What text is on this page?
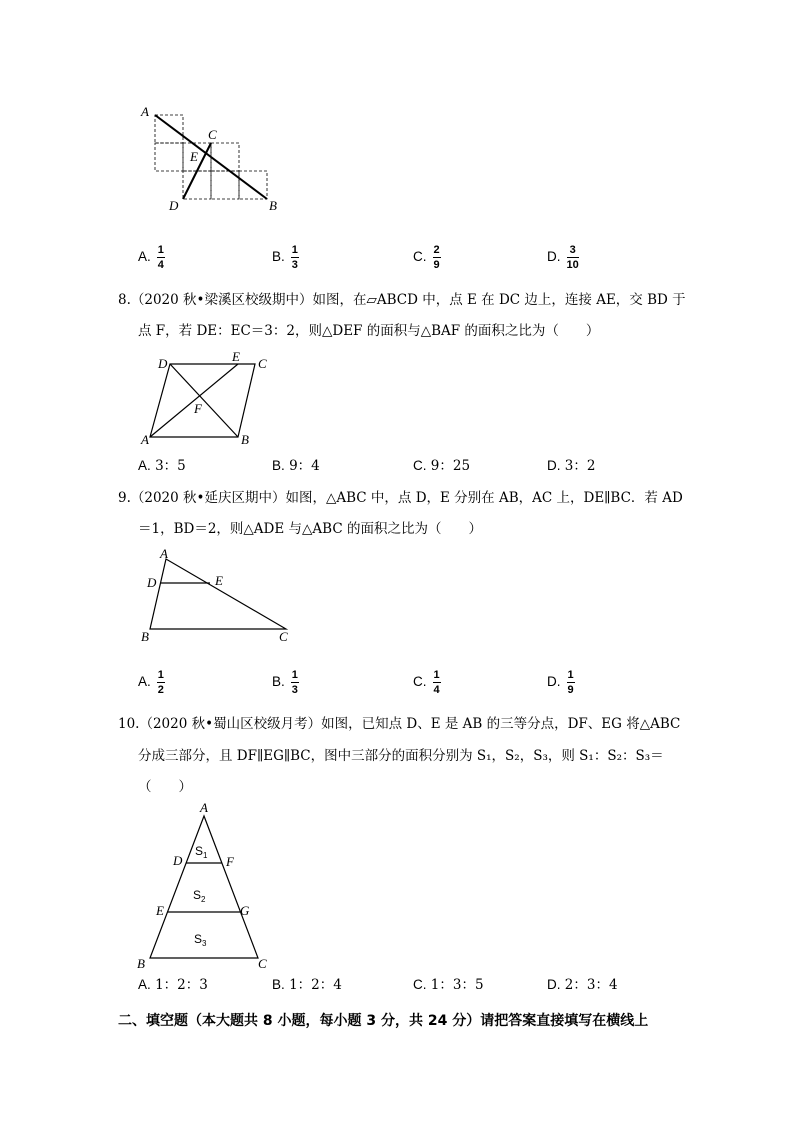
A
C
E
D	B
A. $\frac{1}{4}$	B. $\frac{1}{3}$	C. $\frac{2}{9}$	D. $\frac{3}{10}$
8.（2020 秋•梁溪区校级期中）如图，在▱ABCD 中，点 E 在 DC 边上，连接 AE，交 BD 于
点 F，若 DE：EC＝3：2，则△DEF 的面积与△BAF 的面积之比为（　　）
D	E C
F
A	B
A. 3：5	B. 9：4	C. 9：25	D. 3：2
9.（2020 秋•延庆区期中）如图，△ABC 中，点 D，E 分别在 AB，AC 上，DE∥BC．若 AD
＝1，BD＝2，则△ADE 与△ABC 的面积之比为（　　）
A
D	E
B	C
A. $\frac{1}{2}$	B. $\frac{1}{3}$	C. $\frac{1}{4}$	D. $\frac{1}{9}$
10.（2020 秋•蜀山区校级月考）如图，已知点 D、E 是 AB 的三等分点，DF、EG 将△ABC
分成三部分，且 DF∥EG∥BC，图中三部分的面积分别为 S₁，S₂，S₃，则 S₁：S₂：S₃＝
（　　）
A
D	F
E	G
B	C
S 1
S 2
S 3
A. 1：2：3	B. 1：2：4	C. 1：3：5	D. 2：3：4
二、填空题（本大题共 8 小题，每小题 3 分，共 24 分）请把答案直接填写在横线上
